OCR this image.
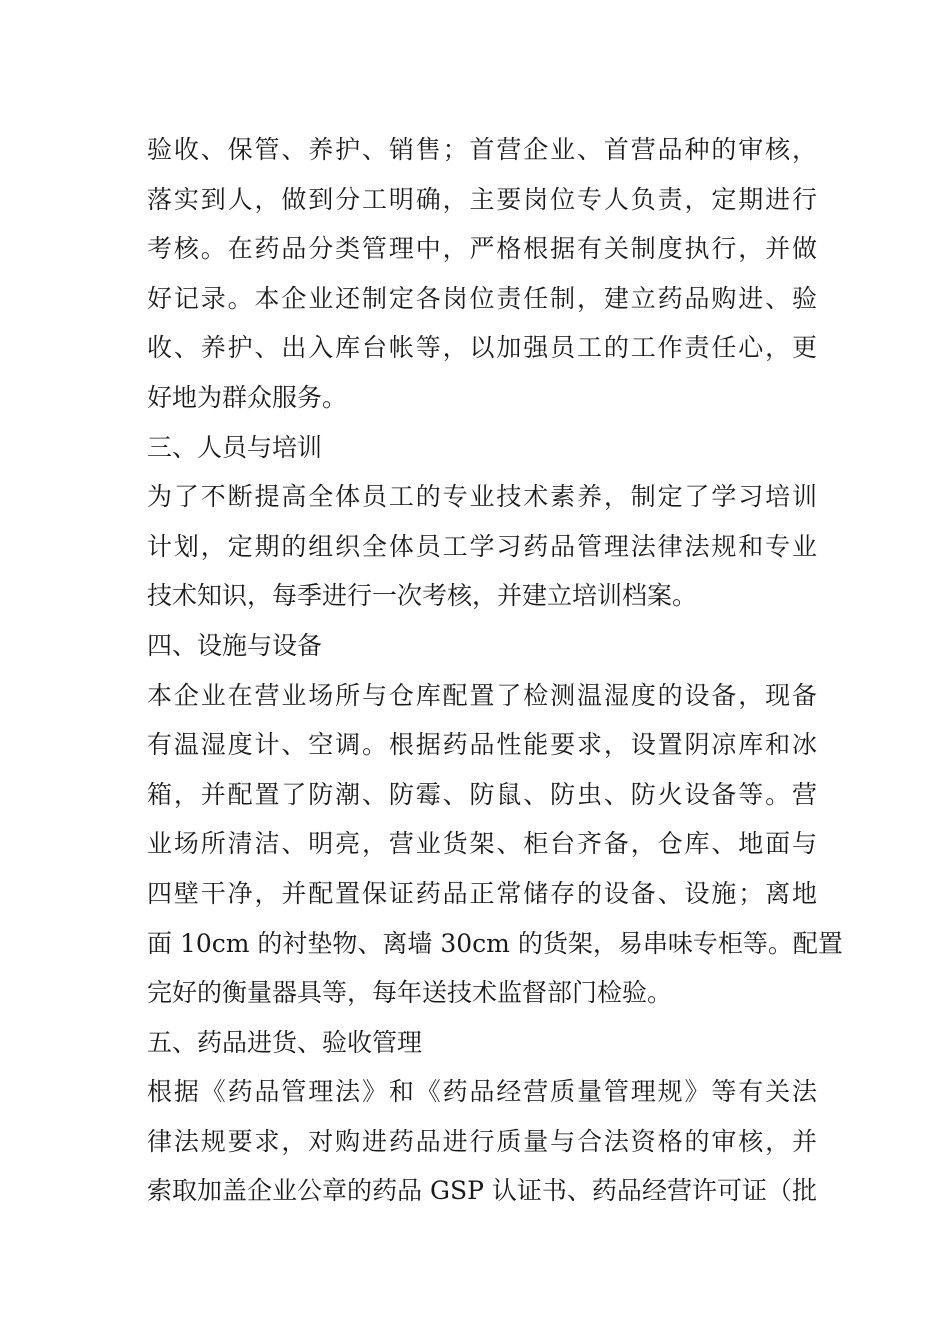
验收、保管、养护、销售；首营企业、首营品种的审核，
落实到人，做到分工明确，主要岗位专人负责，定期进行
考核。在药品分类管理中，严格根据有关制度执行，并做
好记录。本企业还制定各岗位责任制，建立药品购进、验
收、养护、出入库台帐等，以加强员工的工作责任心，更
好地为群众服务。
三、人员与培训
为了不断提高全体员工的专业技术素养，制定了学习培训
计划，定期的组织全体员工学习药品管理法律法规和专业
技术知识，每季进行一次考核，并建立培训档案。
四、设施与设备
本企业在营业场所与仓库配置了检测温湿度的设备，现备
有温湿度计、空调。根据药品性能要求，设置阴凉库和冰
箱，并配置了防潮、防霉、防鼠、防虫、防火设备等。营
业场所清洁、明亮，营业货架、柜台齐备，仓库、地面与
四壁干净，并配置保证药品正常储存的设备、设施；离地
面 10cm 的衬垫物、离墙 30cm 的货架，易串味专柜等。配置
完好的衡量器具等，每年送技术监督部门检验。
五、药品进货、验收管理
根据《药品管理法》和《药品经营质量管理规》等有关法
律法规要求，对购进药品进行质量与合法资格的审核，并
索取加盖企业公章的药品 GSP 认证书、药品经营许可证（批
